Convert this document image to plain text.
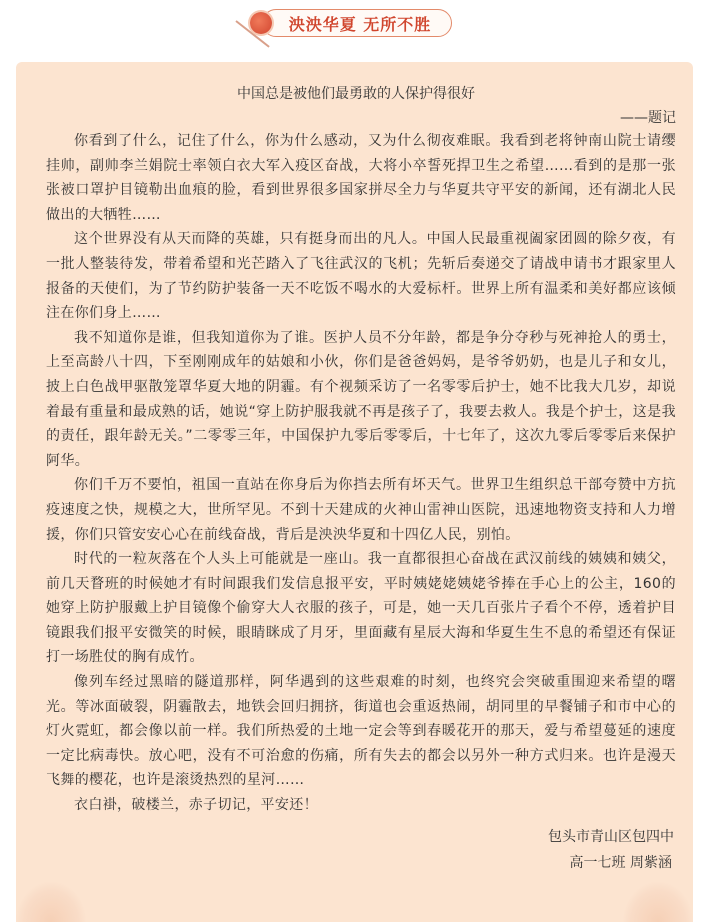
泱泱华夏 无所不胜
中国总是被他们最勇敢的人保护得很好
——题记

你看到了什么，记住了什么，你为什么感动，又为什么彻夜难眠。我看到老将钟南山院士请缨挂帅，副帅李兰娟院士率领白衣大军入疫区奋战，大将小卒誓死捍卫生之希望……看到的是那一张张被口罩护目镜勒出血痕的脸，看到世界很多国家拼尽全力与华夏共守平安的新闻，还有湖北人民做出的大牺牲……

这个世界没有从天而降的英雄，只有挺身而出的凡人。中国人民最重视阖家团圆的除夕夜，有一批人整装待发，带着希望和光芒踏入了飞往武汉的飞机；先斩后奏递交了请战申请书才跟家里人报备的天使们，为了节约防护装备一天不吃饭不喝水的大爱标杆。世界上所有温柔和美好都应该倾注在你们身上……

我不知道你是谁，但我知道你为了谁。医护人员不分年龄，都是争分夺秒与死神抢人的勇士，上至高龄八十四，下至刚刚成年的姑娘和小伙，你们是爸爸妈妈，是爷爷奶奶，也是儿子和女儿，披上白色战甲驱散笼罩华夏大地的阴霾。有个视频采访了一名零零后护士，她不比我大几岁，却说着最有重量和最成熟的话，她说“穿上防护服我就不再是孩子了，我要去救人。我是个护士，这是我的责任，跟年龄无关。”二零零三年，中国保护九零后零零后，十七年了，这次九零后零零后来保护阿华。

你们千万不要怕，祖国一直站在你身后为你挡去所有坏天气。世界卫生组织总干部夸赞中方抗疫速度之快，规模之大，世所罕见。不到十天建成的火神山雷神山医院，迅速地物资支持和人力增援，你们只管安安心心在前线奋战，背后是泱泱华夏和十四亿人民，别怕。

时代的一粒灰落在个人头上可能就是一座山。我一直都很担心奋战在武汉前线的姨姨和姨父，前几天瞀班的时候她才有时间跟我们发信息报平安，平时姨姥姥姨姥爷捧在手心上的公主，160的她穿上防护服戴上护目镜像个偷穿大人衣服的孩子，可是，她一天几百张片子看个不停，透着护目镜跟我们报平安微笑的时候，眼睛眯成了月牙，里面藏有星辰大海和华夏生生不息的希望还有保证打一场胜仗的胸有成竹。

像列车经过黑暗的隧道那样，阿华遇到的这些艰难的时刻，也终究会突破重围迎来希望的曙光。等冰面破裂，阴霾散去，地铁会回归拥挤，街道也会重返热闹，胡同里的早餐铺子和市中心的灯火霓虹，都会像以前一样。我们所热爱的土地一定会等到春暖花开的那天，爱与希望蔓延的速度一定比病毒快。放心吧，没有不可治愈的伤痛，所有失去的都会以另外一种方式归来。也许是漫天飞舞的樱花，也许是滚烫热烈的星河……

衣白褂，破楼兰，赤子切记，平安还！

包头市青山区包四中
高一七班 周紫涵
